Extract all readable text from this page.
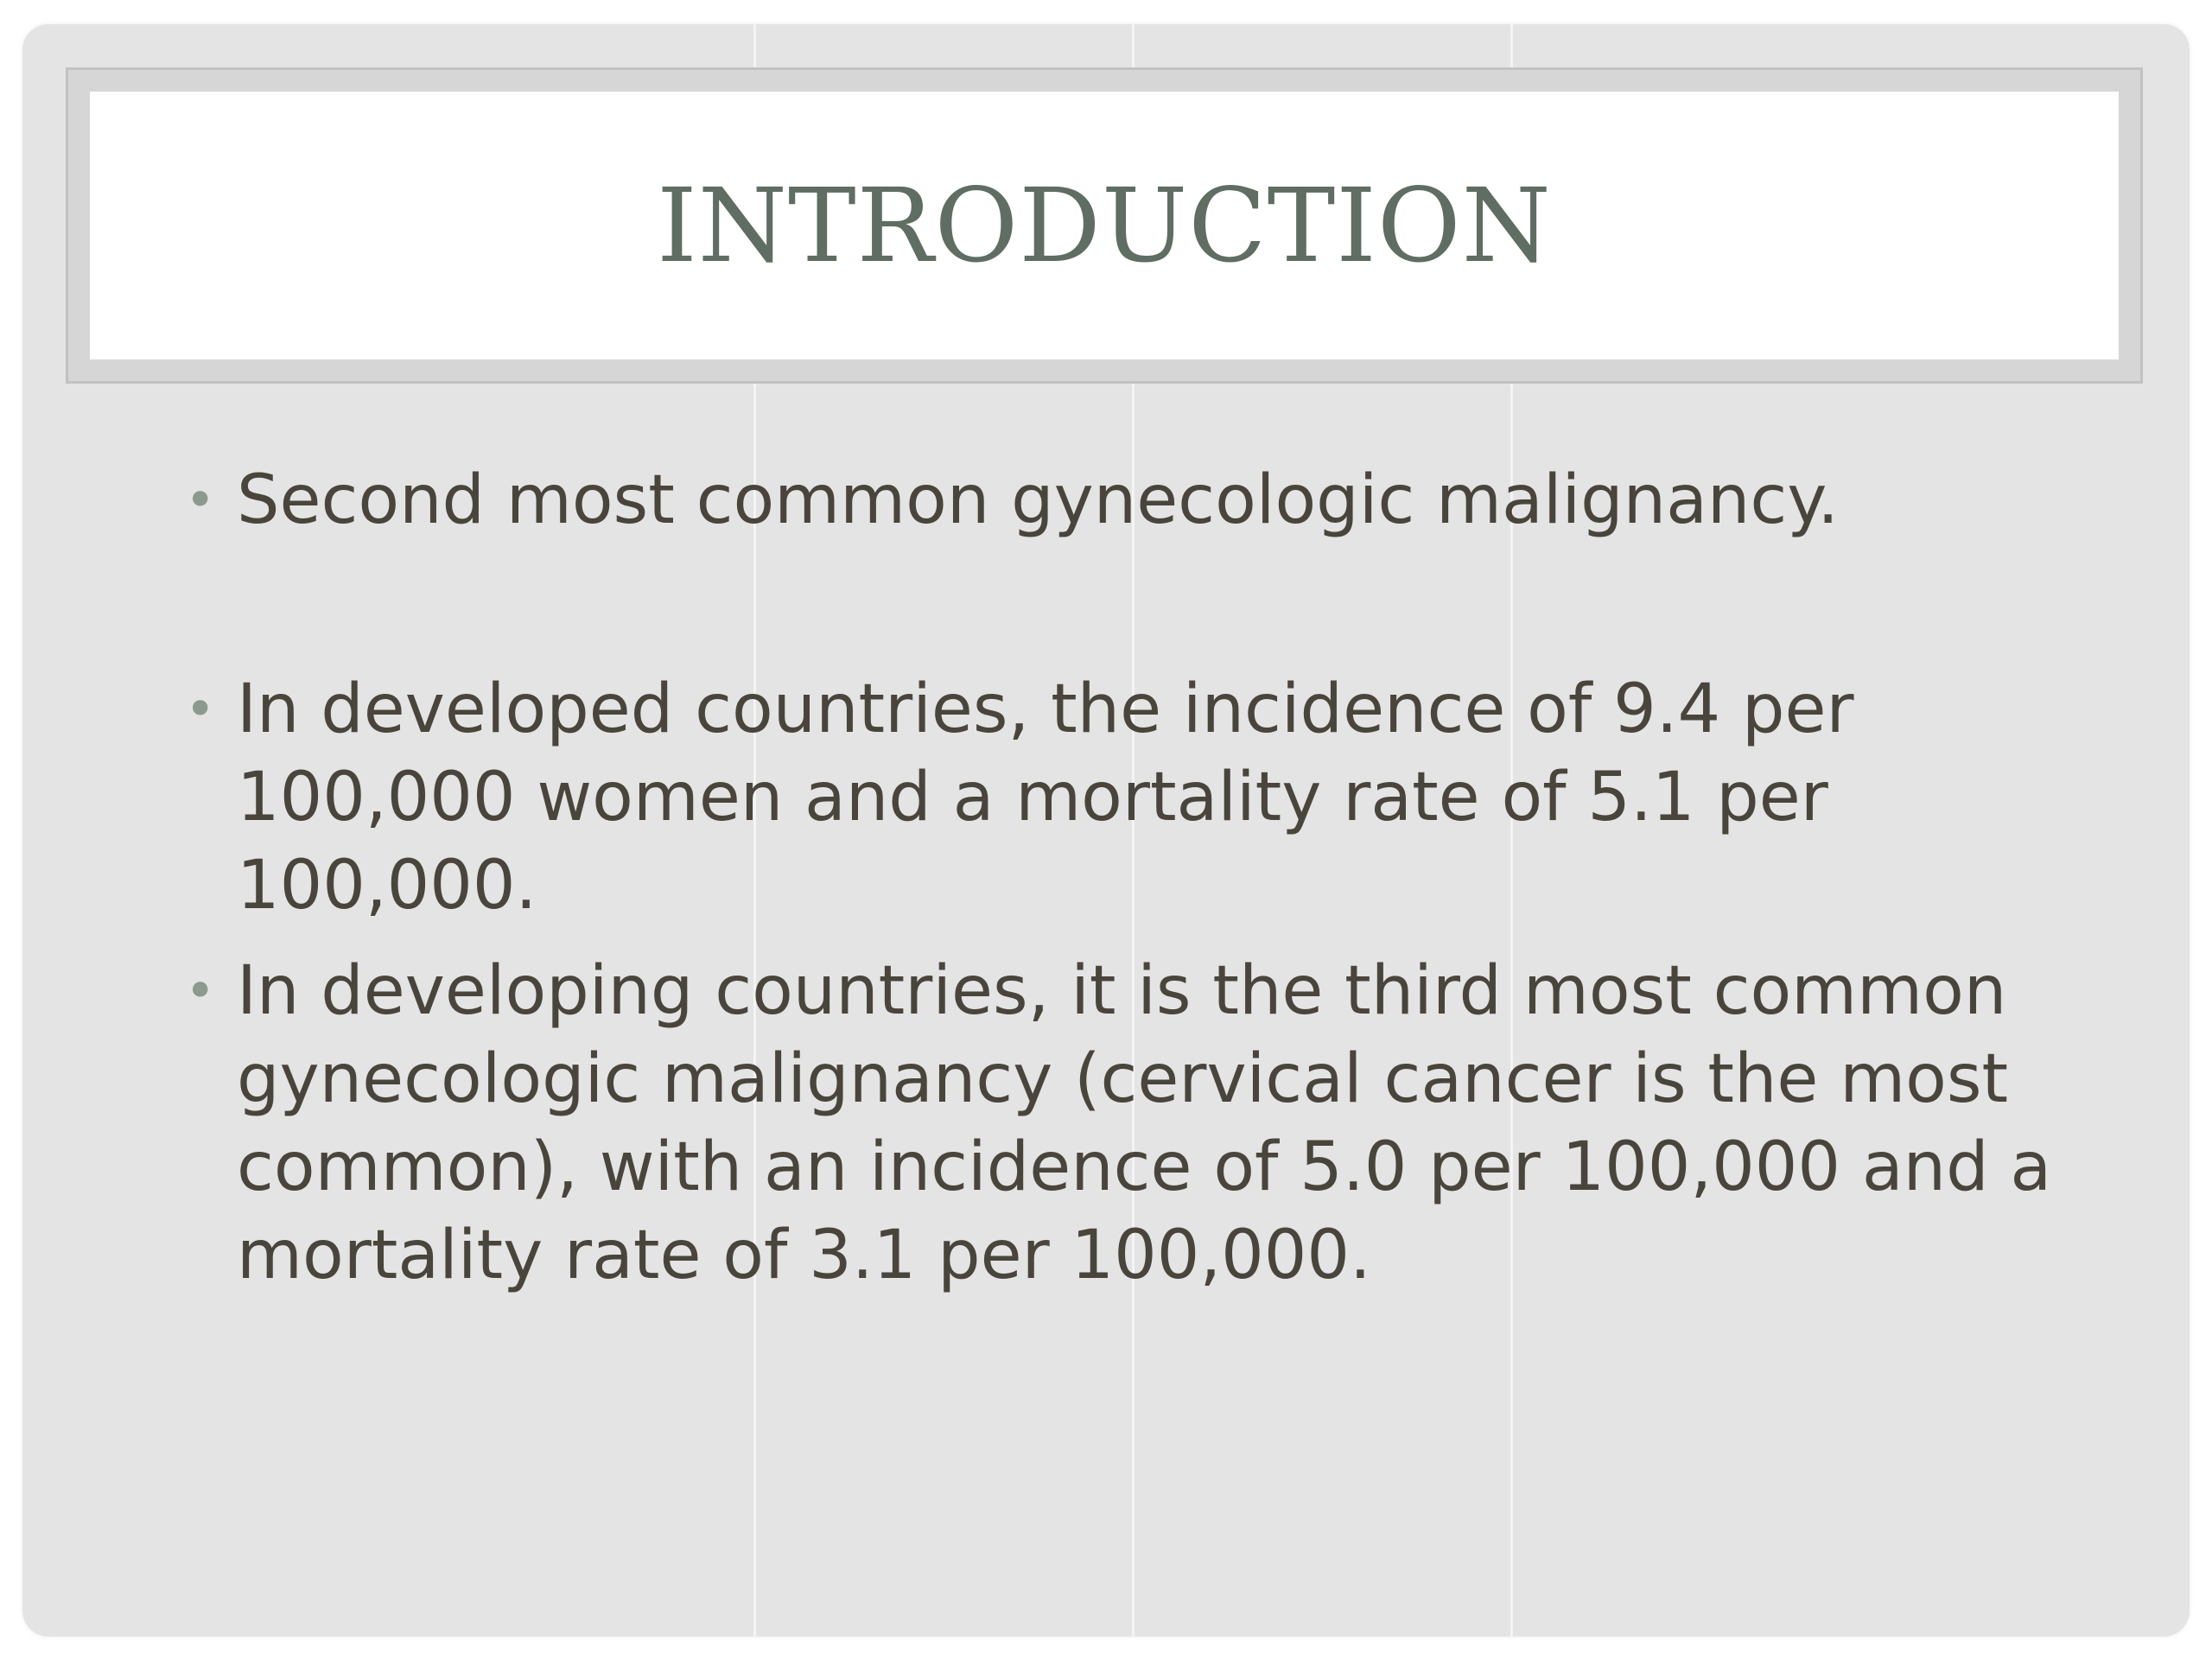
INTRODUCTION
• Second most common gynecologic malignancy.
• In developed countries, the incidence of 9.4 per 100,000 women and a mortality rate of 5.1 per 100,000.
• In developing countries, it is the third most common gynecologic malignancy (cervical cancer is the most common), with an incidence of 5.0 per 100,000 and a mortality rate of 3.1 per 100,000.
